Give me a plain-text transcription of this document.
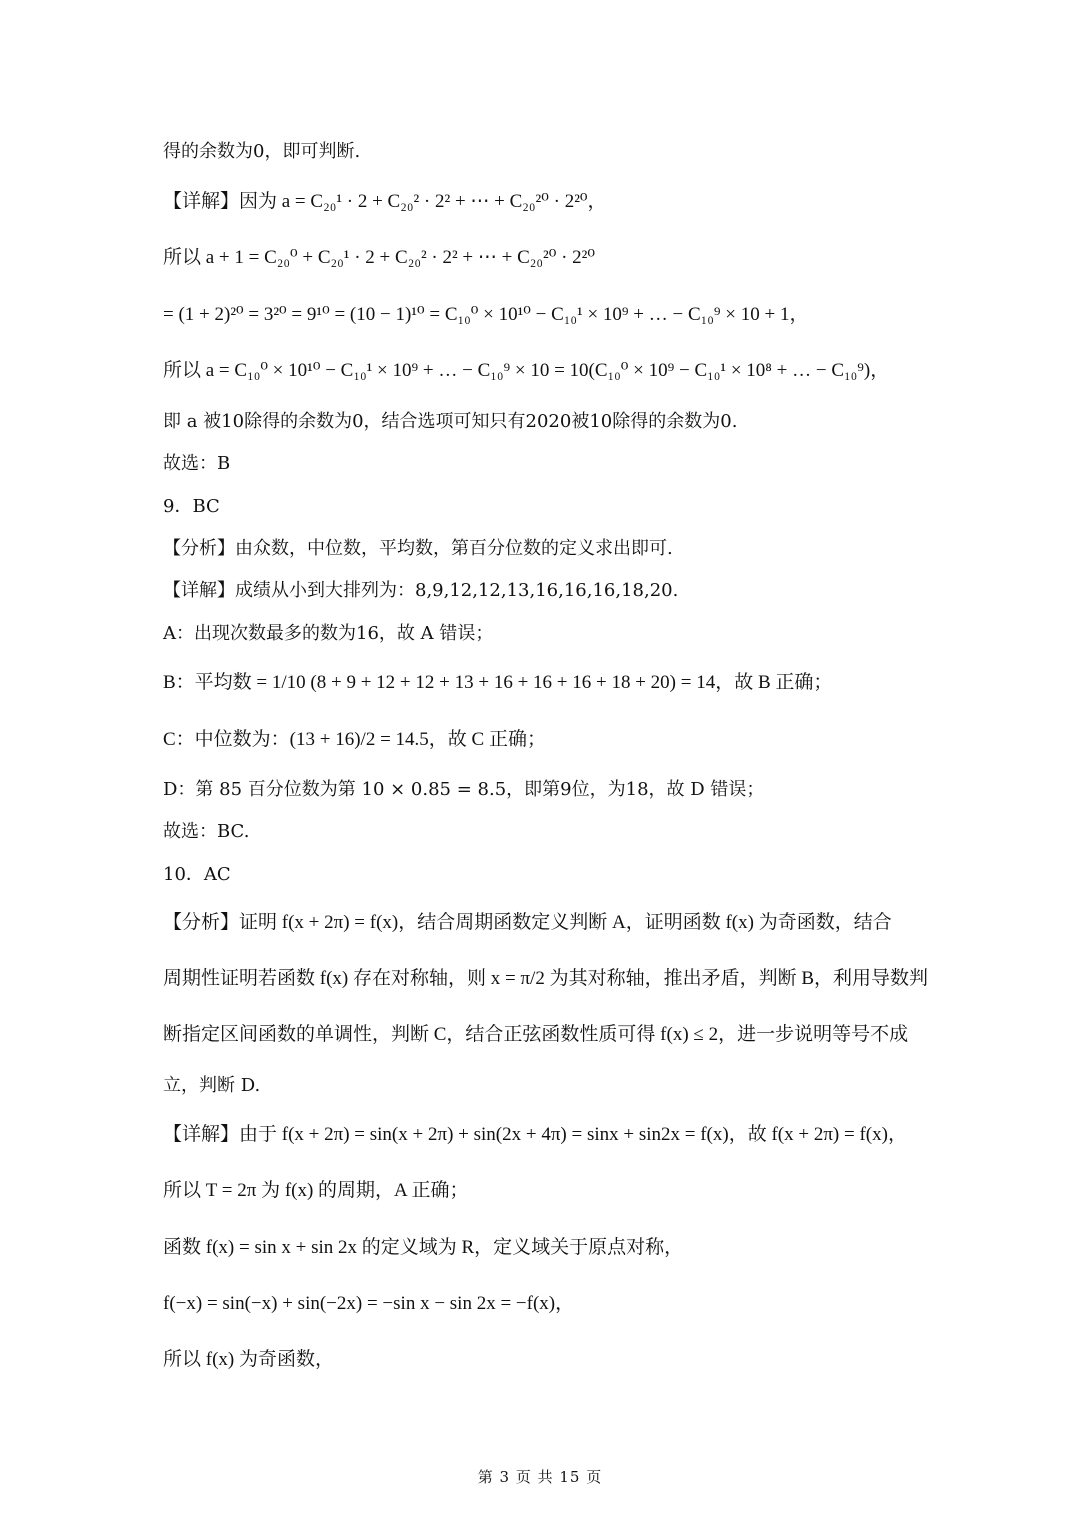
得的余数为0，即可判断.
【详解】因为 a = C₂₀¹ · 2 + C₂₀² · 2² + ⋯ + C₂₀²⁰ · 2²⁰，
所以 a + 1 = C₂₀⁰ + C₂₀¹ · 2 + C₂₀² · 2² + ⋯ + C₂₀²⁰ · 2²⁰
= (1 + 2)²⁰ = 3²⁰ = 9¹⁰ = (10 − 1)¹⁰ = C₁₀⁰ × 10¹⁰ − C₁₀¹ × 10⁹ + … − C₁₀⁹ × 10 + 1，
所以 a = C₁₀⁰ × 10¹⁰ − C₁₀¹ × 10⁹ + … − C₁₀⁹ × 10 = 10(C₁₀⁰ × 10⁹ − C₁₀¹ × 10⁸ + … − C₁₀⁹)，
即 a 被10除得的余数为0，结合选项可知只有2020被10除得的余数为0.
故选：B
9．BC
【分析】由众数，中位数，平均数，第百分位数的定义求出即可.
【详解】成绩从小到大排列为：8,9,12,12,13,16,16,16,18,20.
A：出现次数最多的数为16，故 A 错误；
B：平均数 = 1/10 (8 + 9 + 12 + 12 + 13 + 16 + 16 + 16 + 18 + 20) = 14，故 B 正确；
C：中位数为：(13 + 16)/2 = 14.5，故 C 正确；
D：第 85 百分位数为第 10 × 0.85 = 8.5，即第9位，为18，故 D 错误；
故选：BC.
10．AC
【分析】证明 f(x + 2π) = f(x)，结合周期函数定义判断 A，证明函数 f(x) 为奇函数，结合
周期性证明若函数 f(x) 存在对称轴，则 x = π/2 为其对称轴，推出矛盾，判断 B，利用导数判
断指定区间函数的单调性，判断 C，结合正弦函数性质可得 f(x) ≤ 2，进一步说明等号不成
立，判断 D.
【详解】由于 f(x + 2π) = sin(x + 2π) + sin(2x + 4π) = sinx + sin2x = f(x)，故 f(x + 2π) = f(x)，
所以 T = 2π 为 f(x) 的周期，A 正确；
函数 f(x) = sin x + sin 2x 的定义域为 R，定义域关于原点对称，
f(−x) = sin(−x) + sin(−2x) = −sin x − sin 2x = −f(x)，
所以 f(x) 为奇函数，
第 3 页 共 15 页
